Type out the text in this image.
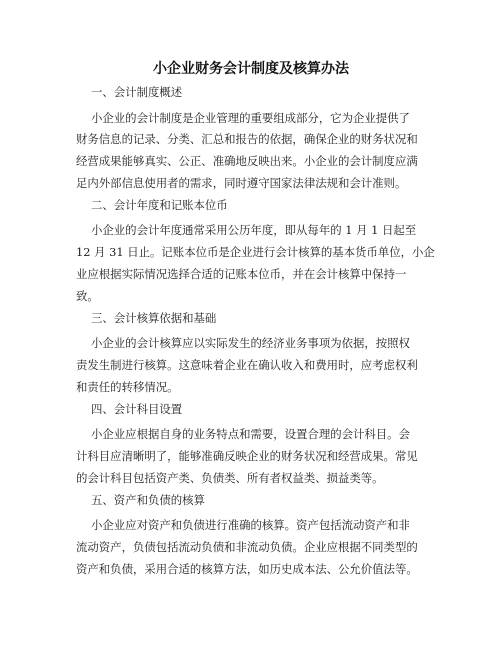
小企业财务会计制度及核算办法
一、会计制度概述
小企业的会计制度是企业管理的重要组成部分，它为企业提供了
财务信息的记录、分类、汇总和报告的依据，确保企业的财务状况和
经营成果能够真实、公正、准确地反映出来。小企业的会计制度应满
足内外部信息使用者的需求，同时遵守国家法律法规和会计准则。
二、会计年度和记账本位币
小企业的会计年度通常采用公历年度，即从每年的 1 月 1 日起至
12 月 31 日止。记账本位币是企业进行会计核算的基本货币单位，小企
业应根据实际情况选择合适的记账本位币，并在会计核算中保持一
致。
三、会计核算依据和基础
小企业的会计核算应以实际发生的经济业务事项为依据，按照权
责发生制进行核算。这意味着企业在确认收入和费用时，应考虑权利
和责任的转移情况。
四、会计科目设置
小企业应根据自身的业务特点和需要，设置合理的会计科目。会
计科目应清晰明了，能够准确反映企业的财务状况和经营成果。常见
的会计科目包括资产类、负债类、所有者权益类、损益类等。
五、资产和负债的核算
小企业应对资产和负债进行准确的核算。资产包括流动资产和非
流动资产，负债包括流动负债和非流动负债。企业应根据不同类型的
资产和负债，采用合适的核算方法，如历史成本法、公允价值法等。
